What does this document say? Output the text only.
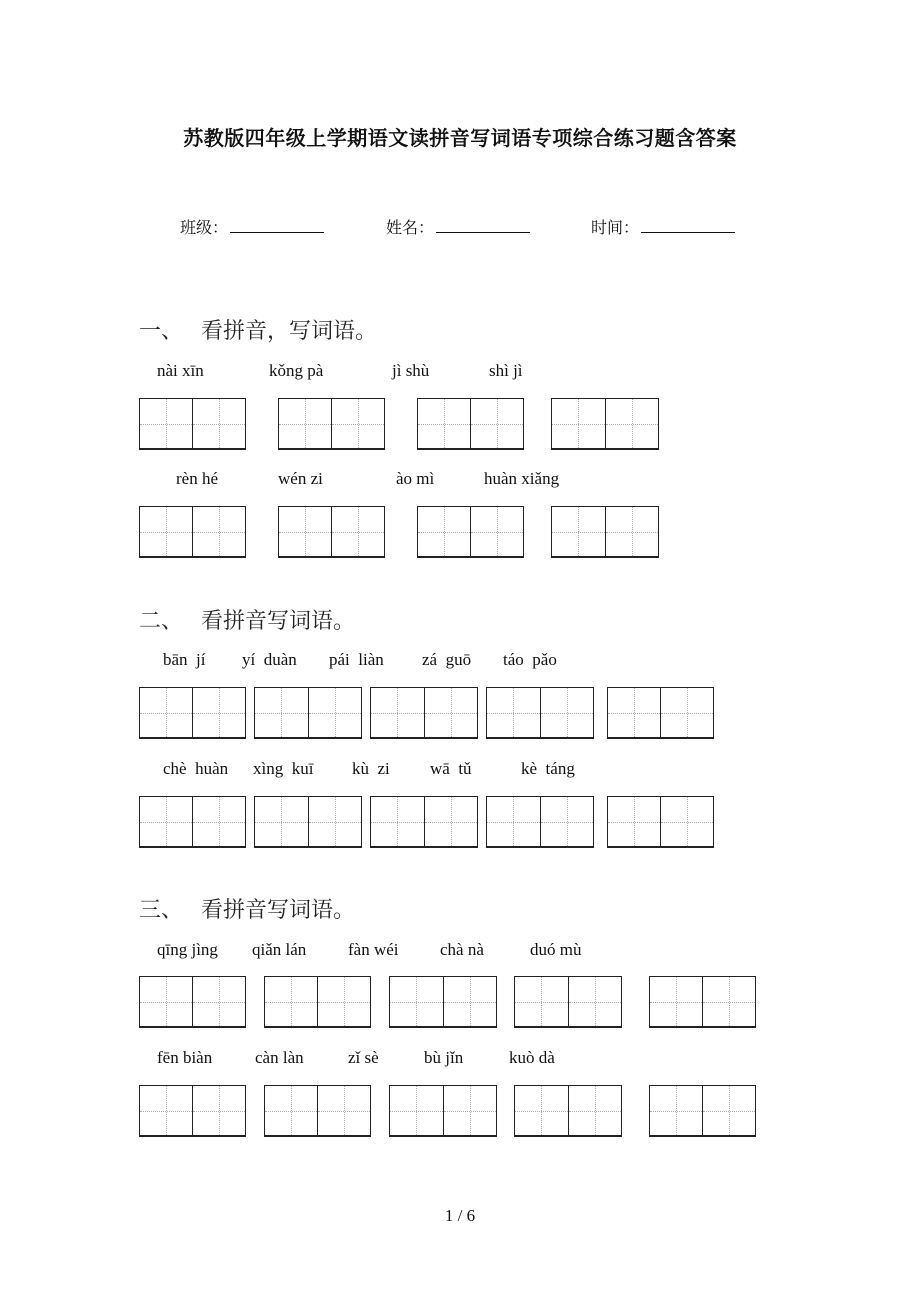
苏教版四年级上学期语文读拼音写词语专项综合练习题含答案
班级：	姓名：	时间：
一、 看拼音，写词语。
nài xīn	kǒng pà	jì shù	shì jì
rèn hé	wén zi	ào mì	huàn xiǎng
二、 看拼音写词语。
bān  jí yí  duàn pái  liàn zá  guō táo  pǎo
chè  huàn xìng  kuī kù  zi wā  tǔ	kè  táng
三、 看拼音写词语。
qīng jìng qiǎn lán fàn wéi chà nà	duó mù
fēn biàn	càn làn	zǐ sè	bù jǐn	kuò dà
1 / 6
